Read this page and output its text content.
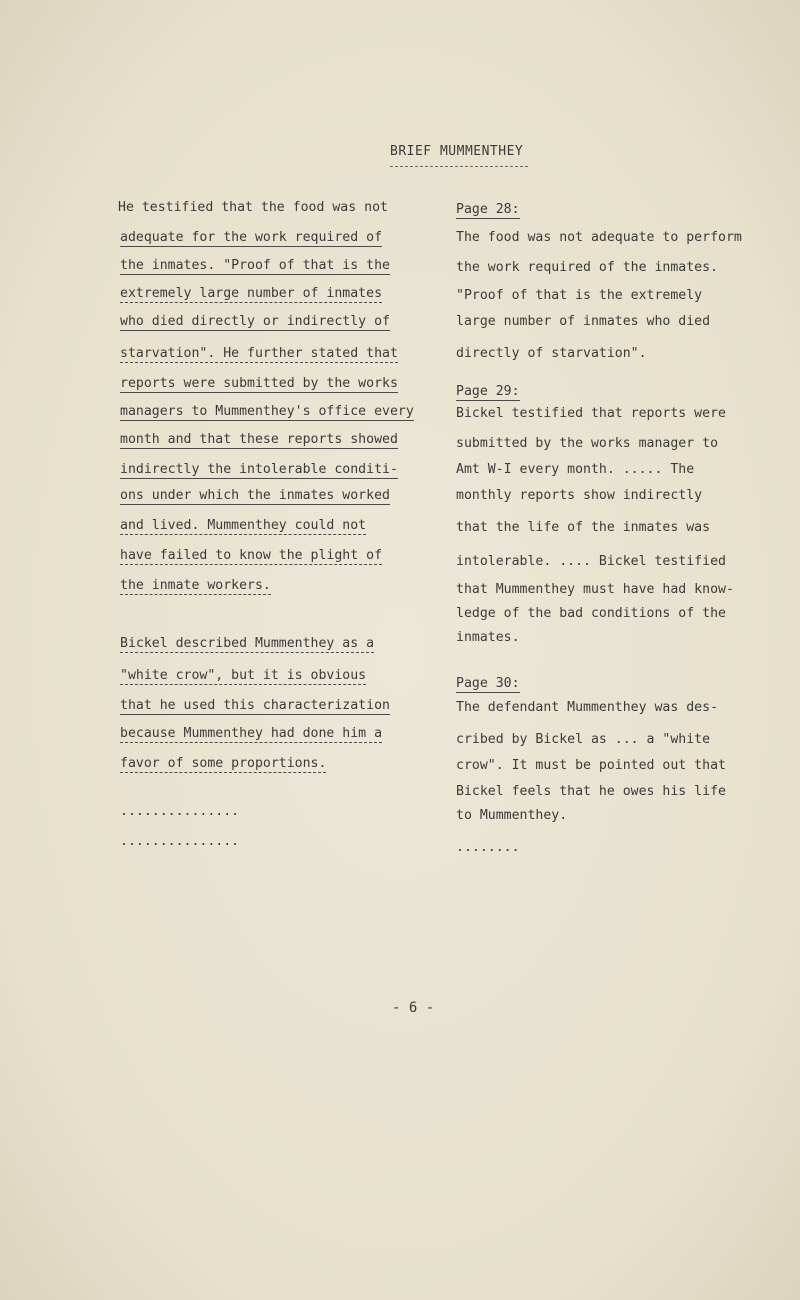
BRIEF MUMMENTHEY
He testified that the food was not
adequate for the work required of
the inmates. "Proof of that is the
extremely large number of inmates
who died directly or indirectly of
starvation". He further stated that
reports were submitted by the works
managers to Mummenthey's office every
month and that these reports showed
indirectly the intolerable conditi-
ons under which the inmates worked
and lived. Mummenthey could not
have failed to know the plight of
the inmate workers.
Bickel described Mummenthey as a
"white crow", but it is obvious
that he used this characterization
because Mummenthey had done him a
favor of some proportions.
...............
...............
Page 28:
The food was not adequate to perform
the work required of the inmates.
"Proof of that is the extremely
large number of inmates who died
directly of starvation".
Page 29:
Bickel testified that reports were
submitted by the works manager to
Amt W-I every month. ..... The
monthly reports show indirectly
that the life of the inmates was
intolerable. .... Bickel testified
that Mummenthey must have had know-
ledge of the bad conditions of the
inmates.
Page 30:
The defendant Mummenthey was des-
cribed by Bickel as ... a "white
crow". It must be pointed out that
Bickel feels that he owes his life
to Mummenthey.
........
- 6 -
